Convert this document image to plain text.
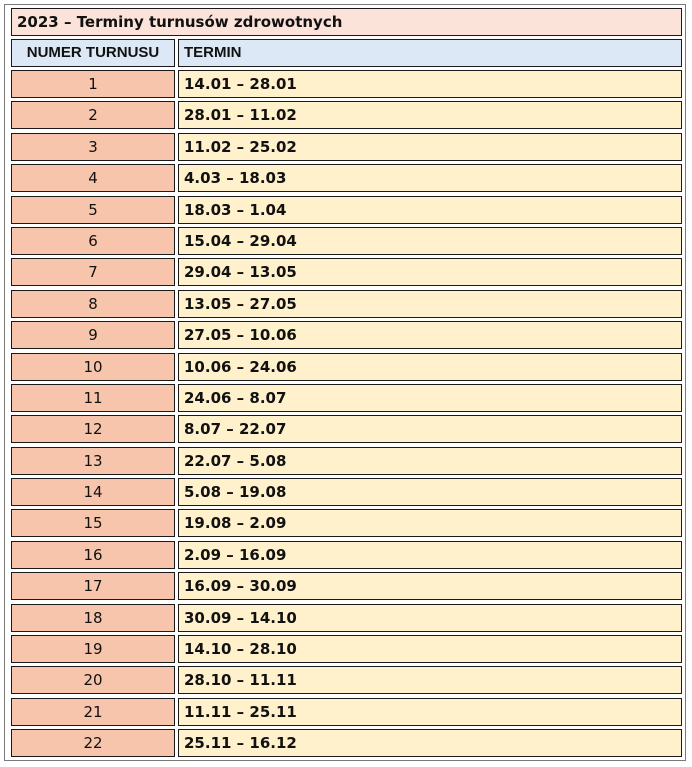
2023 – Terminy turnusów zdrowotnych
NUMER TURNUSU	TERMIN
1	14.01 – 28.01
2	28.01 – 11.02
3	11.02 – 25.02
4	4.03 – 18.03
5	18.03 – 1.04
6	15.04 – 29.04
7	29.04 – 13.05
8	13.05 – 27.05
9	27.05 – 10.06
10	10.06 – 24.06
11	24.06 – 8.07
12	8.07 – 22.07
13	22.07 – 5.08
14	5.08 – 19.08
15	19.08 – 2.09
16	2.09 – 16.09
17	16.09 – 30.09
18	30.09 – 14.10
19	14.10 – 28.10
20	28.10 – 11.11
21	11.11 – 25.11
22	25.11 – 16.12
